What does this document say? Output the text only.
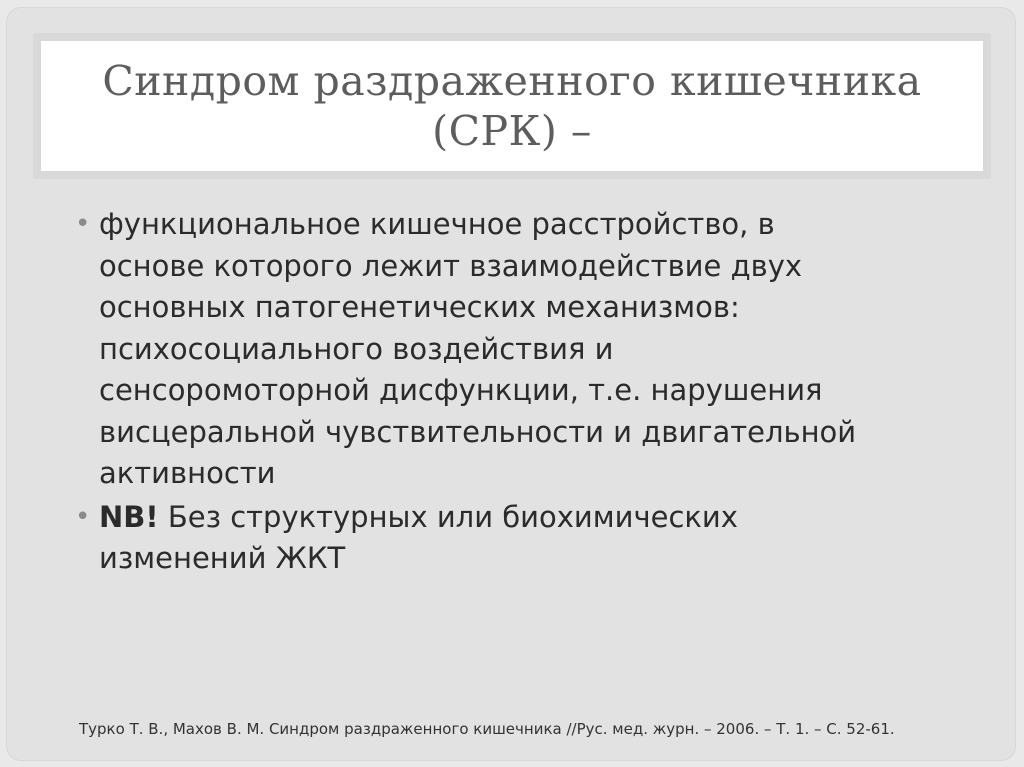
Синдром раздраженного кишечника
(СРК) –
• функциональное кишечное расстройство, в
основе которого лежит взаимодействие двух
основных патогенетических механизмов:
психосоциального воздействия и
сенсоромоторной дисфункции, т.е. нарушения
висцеральной чувствительности и двигательной
активности
• NB! Без структурных или биохимических
изменений ЖКТ
Турко Т. В., Махов В. М. Синдром раздраженного кишечника //Рус. мед. журн. – 2006. – Т. 1. – С. 52-61.
